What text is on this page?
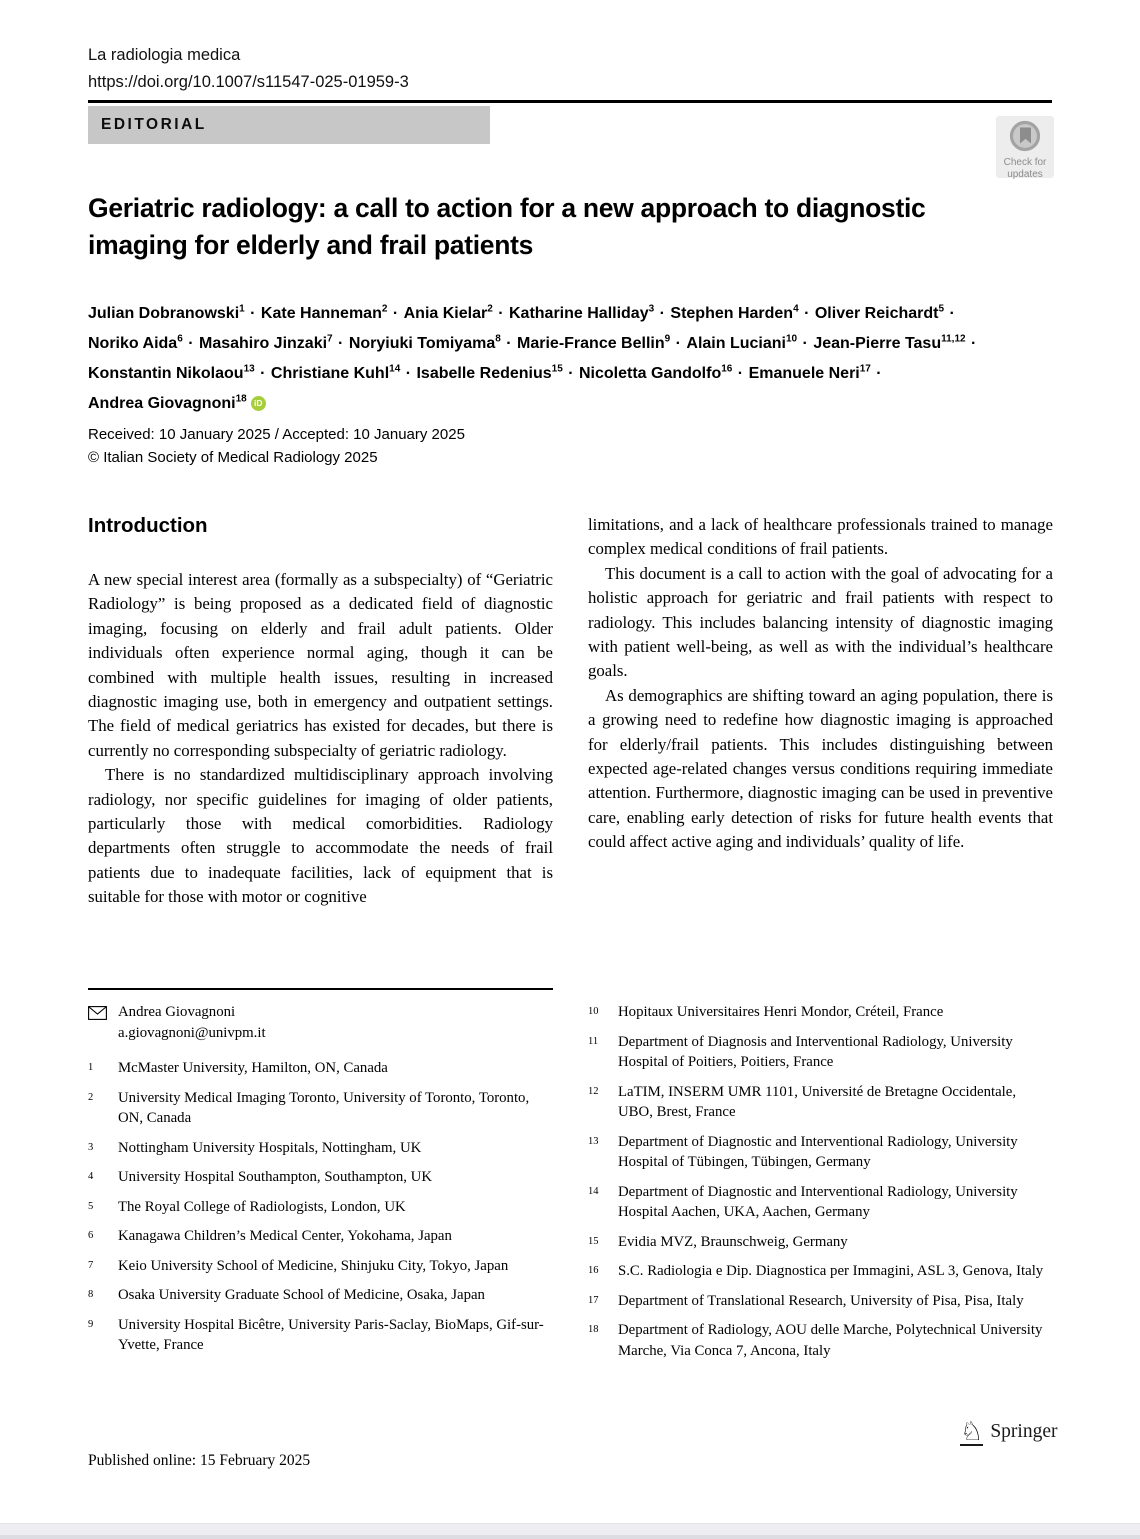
La radiologia medica
https://doi.org/10.1007/s11547-025-01959-3
EDITORIAL
Check for
updates
Geriatric radiology: a call to action for a new approach to diagnostic imaging for elderly and frail patients
Julian Dobranowski$^1$ · Kate Hanneman$^2$ · Ania Kielar$^2$ · Katharine Halliday$^3$ · Stephen Harden$^4$ · Oliver Reichardt$^5$ ·
Noriko Aida$^6$ · Masahiro Jinzaki$^7$ · Noryiuki Tomiyama$^8$ · Marie-France Bellin$^9$ · Alain Luciani$^{10}$ · Jean-Pierre Tasu$^{11,12}$ ·
Konstantin Nikolaou$^{13}$ · Christiane Kuhl$^{14}$ · Isabelle Redenius$^{15}$ · Nicoletta Gandolfo$^{16}$ · Emanuele Neri$^{17}$ ·
Andrea Giovagnoni$^{18}$ iD
Received: 10 January 2025 / Accepted: 10 January 2025
© Italian Society of Medical Radiology 2025
Introduction

A new special interest area (formally as a subspecialty) of “Geriatric Radiology” is being proposed as a dedicated field of diagnostic imaging, focusing on elderly and frail adult patients. Older individuals often experience normal aging, though it can be combined with multiple health issues, resulting in increased diagnostic imaging use, both in emergency and outpatient settings. The field of medical geriatrics has existed for decades, but there is currently no corresponding subspecialty of geriatric radiology.

There is no standardized multidisciplinary approach involving radiology, nor specific guidelines for imaging of older patients, particularly those with medical comorbidities. Radiology departments often struggle to accommodate the needs of frail patients due to inadequate facilities, lack of equipment that is suitable for those with motor or cognitive

limitations, and a lack of healthcare professionals trained to manage complex medical conditions of frail patients.

This document is a call to action with the goal of advocating for a holistic approach for geriatric and frail patients with respect to radiology. This includes balancing intensity of diagnostic imaging with patient well-being, as well as with the individual’s healthcare goals.

As demographics are shifting toward an aging population, there is a growing need to redefine how diagnostic imaging is approached for elderly/frail patients. This includes distinguishing between expected age-related changes versus conditions requiring immediate attention. Furthermore, diagnostic imaging can be used in preventive care, enabling early detection of risks for future health events that could affect active aging and individuals’ quality of life.

Andrea Giovagnoni
a.giovagnoni@univpm.it
1	McMaster University, Hamilton, ON, Canada
2	University Medical Imaging Toronto, University of Toronto, Toronto, ON, Canada
3	Nottingham University Hospitals, Nottingham, UK
4	University Hospital Southampton, Southampton, UK
5	The Royal College of Radiologists, London, UK
6	Kanagawa Children’s Medical Center, Yokohama, Japan
7	Keio University School of Medicine, Shinjuku City, Tokyo, Japan
8	Osaka University Graduate School of Medicine, Osaka, Japan
9	University Hospital Bicêtre, University Paris-Saclay, BioMaps, Gif-sur-Yvette, France
10	Hopitaux Universitaires Henri Mondor, Créteil, France
11	Department of Diagnosis and Interventional Radiology, University Hospital of Poitiers, Poitiers, France
12	LaTIM, INSERM UMR 1101, Université de Bretagne Occidentale, UBO, Brest, France
13	Department of Diagnostic and Interventional Radiology, University Hospital of Tübingen, Tübingen, Germany
14	Department of Diagnostic and Interventional Radiology, University Hospital Aachen, UKA, Aachen, Germany
15	Evidia MVZ, Braunschweig, Germany
16	S.C. Radiologia e Dip. Diagnostica per Immagini, ASL 3, Genova, Italy
17	Department of Translational Research, University of Pisa, Pisa, Italy
18	Department of Radiology, AOU delle Marche, Polytechnical University Marche, Via Conca 7, Ancona, Italy
Published online: 15 February 2025
♘ Springer
